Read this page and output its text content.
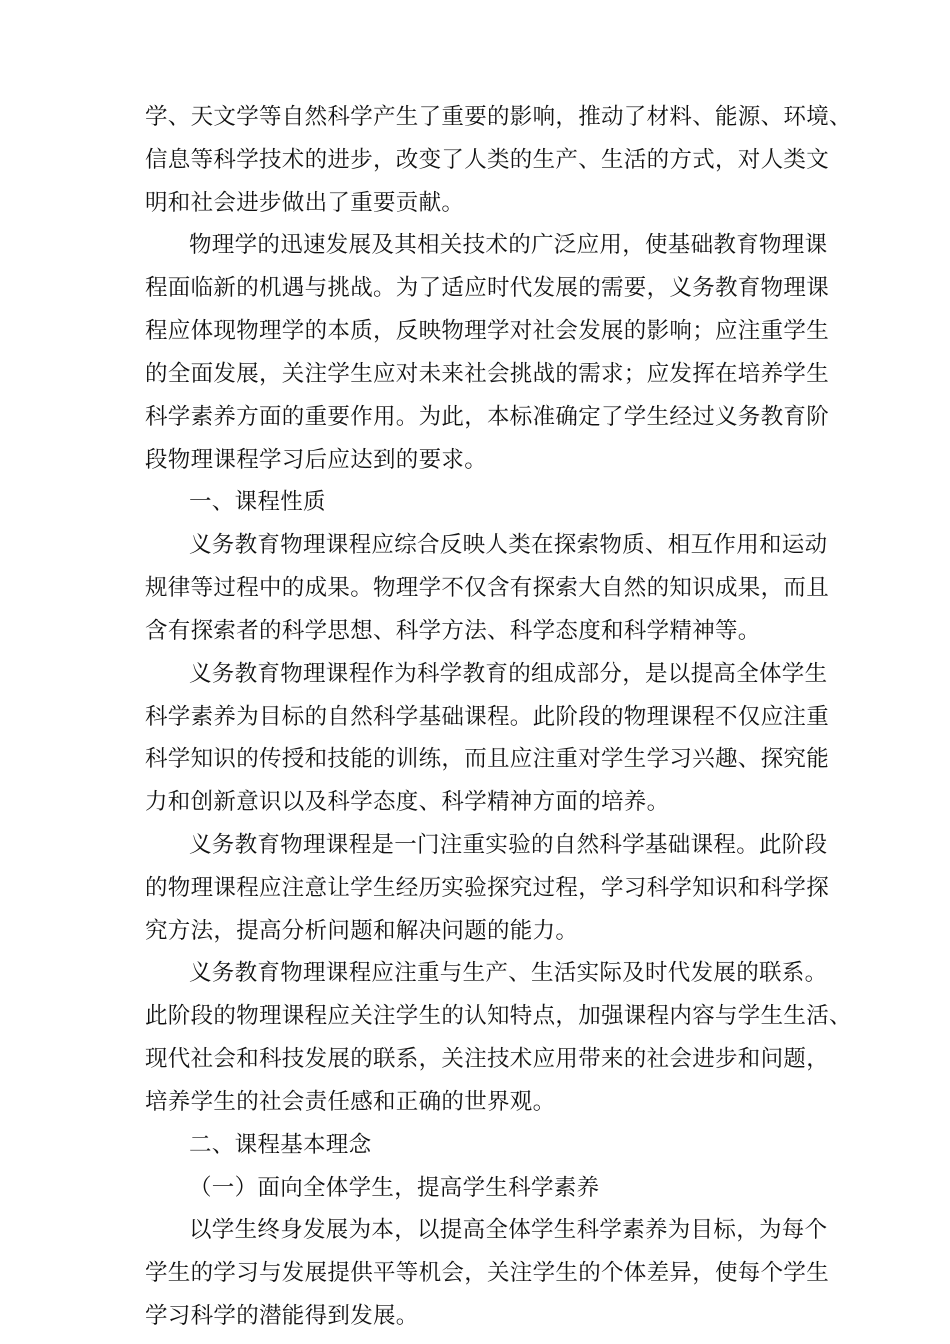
学、天文学等自然科学产生了重要的影响，推动了材料、能源、环境、
信息等科学技术的进步，改变了人类的生产、生活的方式，对人类文
明和社会进步做出了重要贡献。
物理学的迅速发展及其相关技术的广泛应用，使基础教育物理课
程面临新的机遇与挑战。为了适应时代发展的需要，义务教育物理课
程应体现物理学的本质，反映物理学对社会发展的影响；应注重学生
的全面发展，关注学生应对未来社会挑战的需求；应发挥在培养学生
科学素养方面的重要作用。为此，本标准确定了学生经过义务教育阶
段物理课程学习后应达到的要求。
一、课程性质
义务教育物理课程应综合反映人类在探索物质、相互作用和运动
规律等过程中的成果。物理学不仅含有探索大自然的知识成果，而且
含有探索者的科学思想、科学方法、科学态度和科学精神等。
义务教育物理课程作为科学教育的组成部分，是以提高全体学生
科学素养为目标的自然科学基础课程。此阶段的物理课程不仅应注重
科学知识的传授和技能的训练，而且应注重对学生学习兴趣、探究能
力和创新意识以及科学态度、科学精神方面的培养。
义务教育物理课程是一门注重实验的自然科学基础课程。此阶段
的物理课程应注意让学生经历实验探究过程，学习科学知识和科学探
究方法，提高分析问题和解决问题的能力。
义务教育物理课程应注重与生产、生活实际及时代发展的联系。
此阶段的物理课程应关注学生的认知特点，加强课程内容与学生生活、
现代社会和科技发展的联系，关注技术应用带来的社会进步和问题，
培养学生的社会责任感和正确的世界观。
二、课程基本理念
（一）面向全体学生，提高学生科学素养
以学生终身发展为本，以提高全体学生科学素养为目标，为每个
学生的学习与发展提供平等机会，关注学生的个体差异，使每个学生
学习科学的潜能得到发展。
